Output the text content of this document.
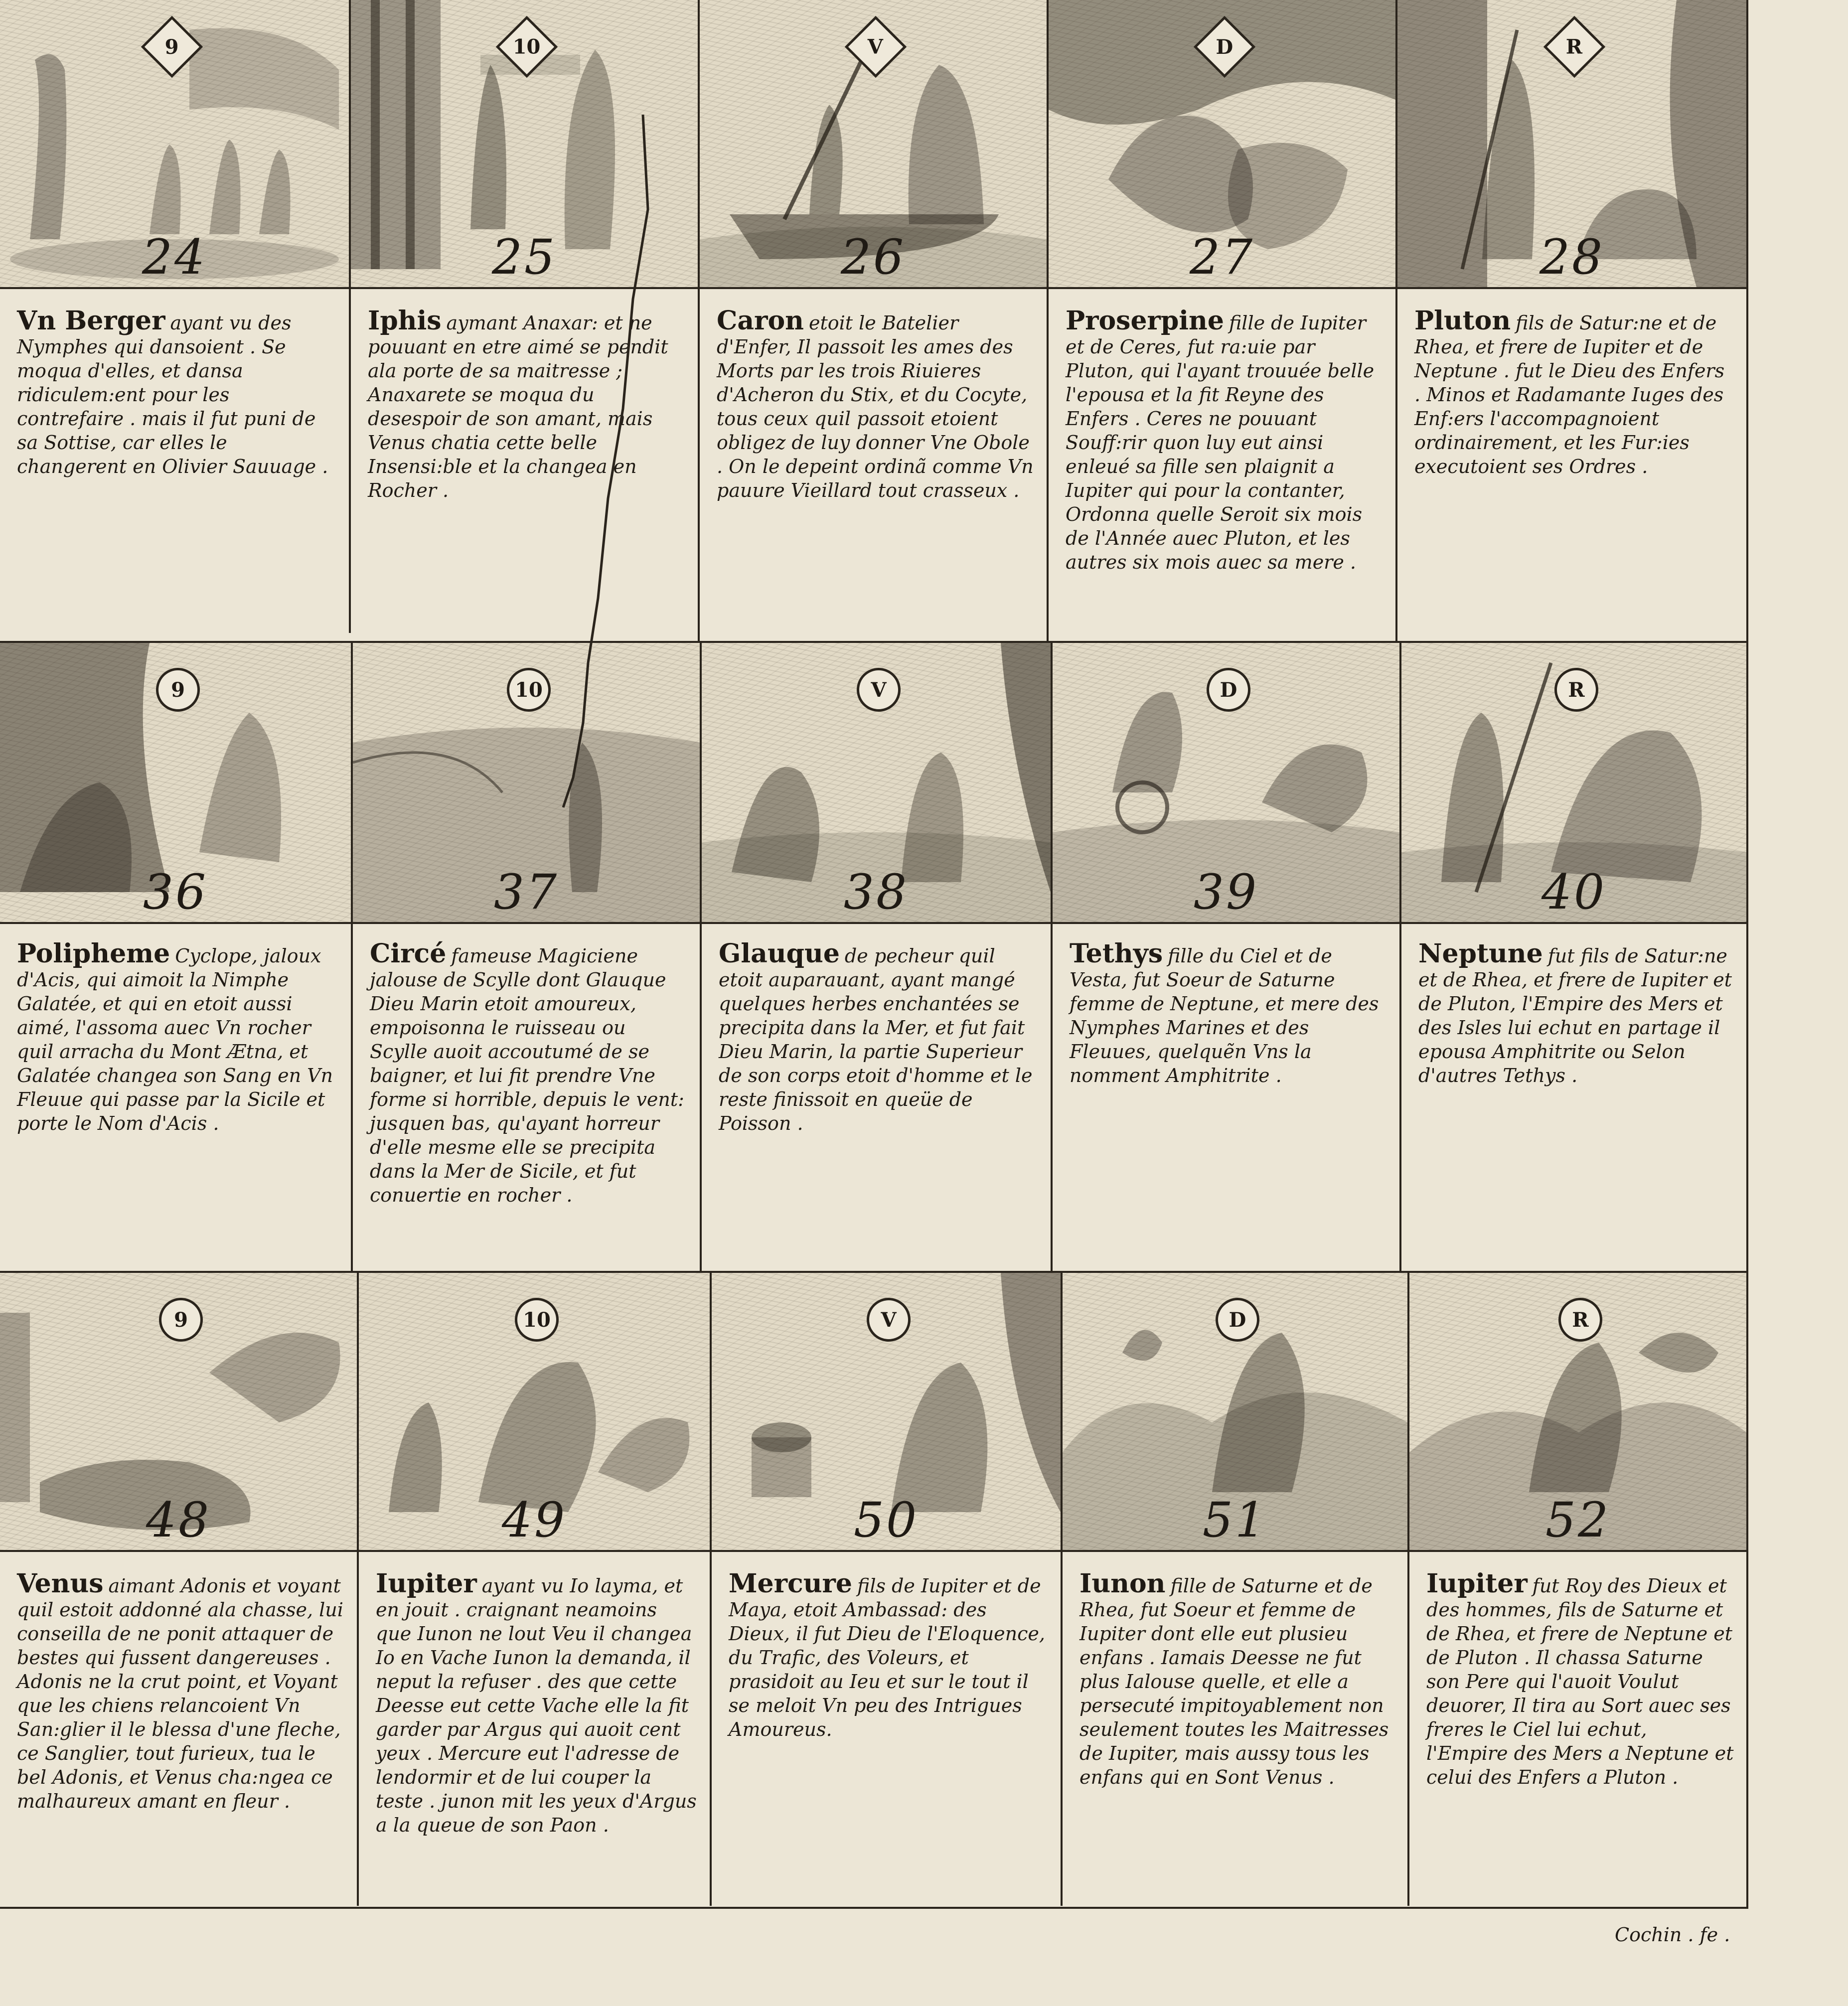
9
24
Vn Berger ayant vu des Nymphes qui dansoient . Se moqua d'elles, et dansa ridiculem:ent pour les contrefaire . mais il fut puni de sa Sottise, car elles le changerent en Olivier Sauuage .
10
25
Iphis aymant Anaxar: et ne pouuant en etre aimé se pendit ala porte de sa maitresse ; Anaxarete se moqua du desespoir de son amant, mais Venus chatia cette belle Insensi:ble et la changea en Rocher .
V
26
Caron etoit le Batelier d'Enfer, Il passoit les ames des Morts par les trois Riuieres d'Acheron du Stix, et du Cocyte, tous ceux quil passoit etoient obligez de luy donner Vne Obole . On le depeint ordinã comme Vn pauure Vieillard tout crasseux .
D
27
Proserpine fille de Iupiter et de Ceres, fut ra:uie par Pluton, qui l'ayant trouuée belle l'epousa et la fit Reyne des Enfers . Ceres ne pouuant Souff:rir quon luy eut ainsi enleué sa fille sen plaignit a Iupiter qui pour la contanter, Ordonna quelle Seroit six mois de l'Année auec Pluton, et les autres six mois auec sa mere .
R
28
Pluton fils de Satur:ne et de Rhea, et frere de Iupiter et de Neptune . fut le Dieu des Enfers . Minos et Radamante Iuges des Enf:ers l'accompagnoient ordinairement, et les Fur:ies executoient ses Ordres .
9
36
Polipheme Cyclope, jaloux d'Acis, qui aimoit la Nimphe Galatée, et qui en etoit aussi aimé, l'assoma auec Vn rocher quil arracha du Mont Ætna, et Galatée changea son Sang en Vn Fleuue qui passe par la Sicile et porte le Nom d'Acis .
10
37
Circé fameuse Magiciene jalouse de Scylle dont Glauque Dieu Marin etoit amoureux, empoisonna le ruisseau ou Scylle auoit accoutumé de se baigner, et lui fit prendre Vne forme si horrible, depuis le vent: jusquen bas, qu'ayant horreur d'elle mesme elle se precipita dans la Mer de Sicile, et fut conuertie en rocher .
V
38
Glauque de pecheur quil etoit auparauant, ayant mangé quelques herbes enchantées se precipita dans la Mer, et fut fait Dieu Marin, la partie Superieur de son corps etoit d'homme et le reste finissoit en queüe de Poisson .
D
39
Tethys fille du Ciel et de Vesta, fut Soeur de Saturne femme de Neptune, et mere des Nymphes Marines et des Fleuues, quelquẽn Vns la nomment Amphitrite .
R
40
Neptune fut fils de Satur:ne et de Rhea, et frere de Iupiter et de Pluton, l'Empire des Mers et des Isles lui echut en partage il epousa Amphitrite ou Selon d'autres Tethys .
9
48
Venus aimant Adonis et voyant quil estoit addonné ala chasse, lui conseilla de ne ponit attaquer de bestes qui fussent dangereuses . Adonis ne la crut point, et Voyant que les chiens relancoient Vn San:glier il le blessa d'une fleche, ce Sanglier, tout furieux, tua le bel Adonis, et Venus cha:ngea ce malhaureux amant en fleur .
10
49
Iupiter ayant vu Io layma, et en jouit . craignant neamoins que Iunon ne lout Veu il changea Io en Vache Iunon la demanda, il neput la refuser . des que cette Deesse eut cette Vache elle la fit garder par Argus qui auoit cent yeux . Mercure eut l'adresse de lendormir et de lui couper la teste . junon mit les yeux d'Argus a la queue de son Paon .
V
50
Mercure fils de Iupiter et de Maya, etoit Ambassad: des Dieux, il fut Dieu de l'Eloquence, du Trafic, des Voleurs, et prasidoit au Ieu et sur le tout il se meloit Vn peu des Intrigues Amoureus.
D
51
Iunon fille de Saturne et de Rhea, fut Soeur et femme de Iupiter dont elle eut plusieu enfans . Iamais Deesse ne fut plus Ialouse quelle, et elle a persecuté impitoyablement non seulement toutes les Maitresses de Iupiter, mais aussy tous les enfans qui en Sont Venus .
R
52
Iupiter fut Roy des Dieux et des hommes, fils de Saturne et de Rhea, et frere de Neptune et de Pluton . Il chassa Saturne son Pere qui l'auoit Voulut deuorer, Il tira au Sort auec ses freres le Ciel lui echut, l'Empire des Mers a Neptune et celui des Enfers a Pluton .
Cochin . fe .
